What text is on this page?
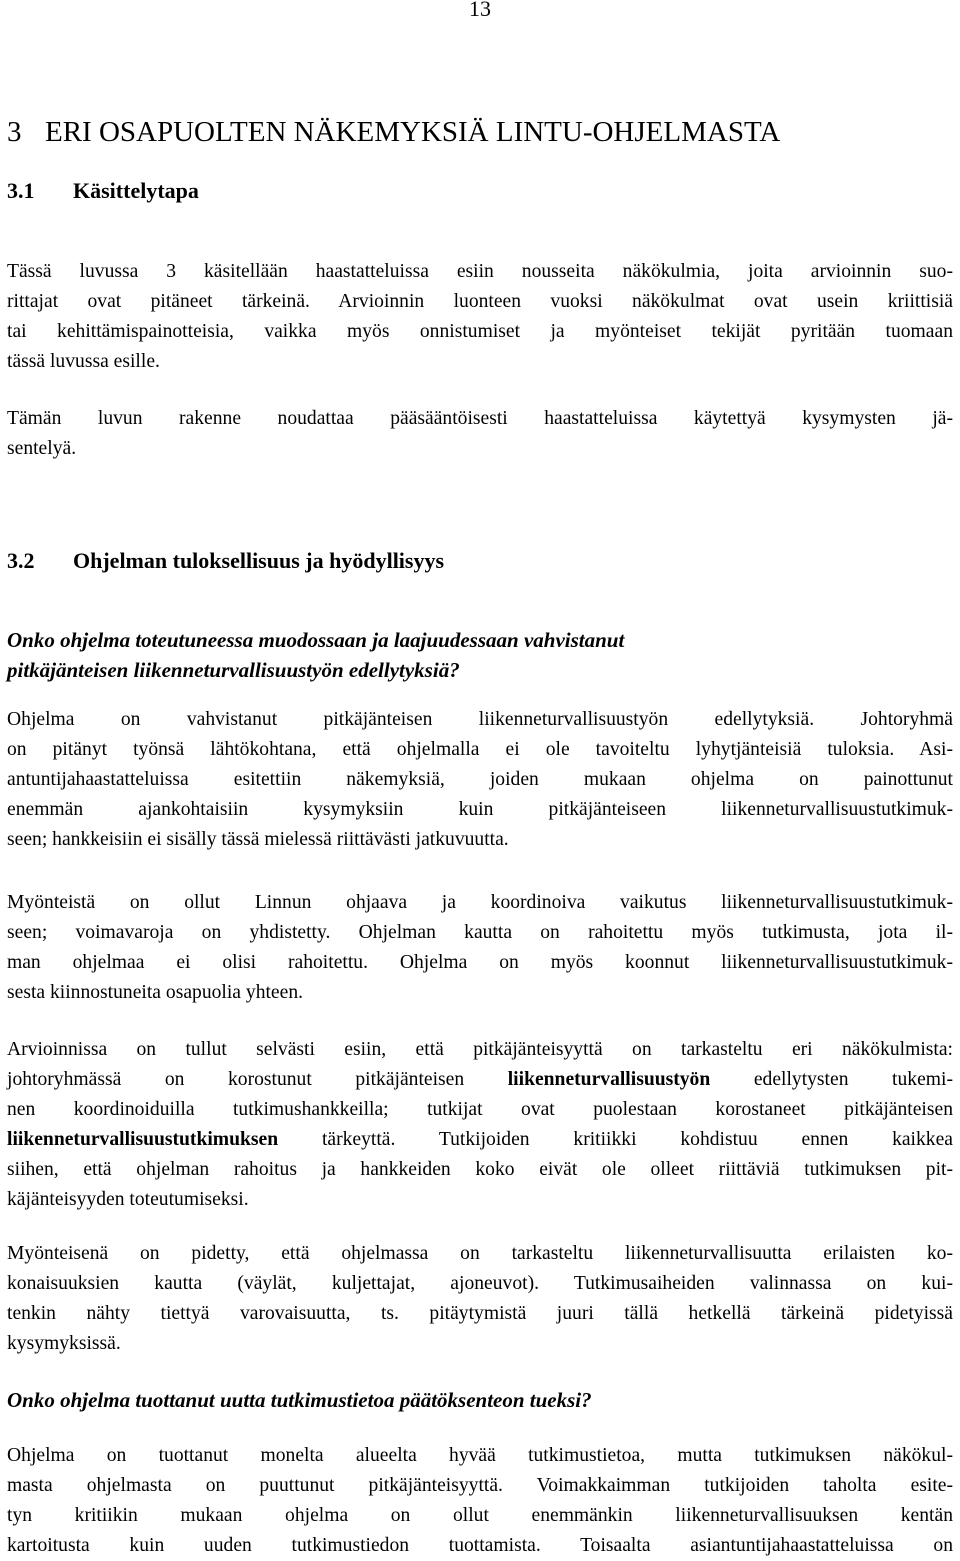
13
3 ERI OSAPUOLTEN NÄKEMYKSIÄ LINTU-OHJELMASTA
3.1 Käsittelytapa
Tässä luvussa 3 käsitellään haastatteluissa esiin nousseita näkökulmia, joita arvioinnin suo-
rittajat ovat pitäneet tärkeinä. Arvioinnin luonteen vuoksi näkökulmat ovat usein kriittisiä
tai kehittämispainotteisia, vaikka myös onnistumiset ja myönteiset tekijät pyritään tuomaan
tässä luvussa esille.
Tämän luvun rakenne noudattaa pääsääntöisesti haastatteluissa käytettyä kysymysten jä-
sentelyä.
3.2 Ohjelman tuloksellisuus ja hyödyllisyys
Onko ohjelma toteutuneessa muodossaan ja laajuudessaan vahvistanut
pitkäjänteisen liikenneturvallisuustyön edellytyksiä?
Ohjelma on vahvistanut pitkäjänteisen liikenneturvallisuustyön edellytyksiä. Johtoryhmä
on pitänyt työnsä lähtökohtana, että ohjelmalla ei ole tavoiteltu lyhytjänteisiä tuloksia. Asi-
antuntijahaastatteluissa esitettiin näkemyksiä, joiden mukaan ohjelma on painottunut
enemmän ajankohtaisiin kysymyksiin kuin pitkäjänteiseen liikenneturvallisuustutkimuk-
seen; hankkeisiin ei sisälly tässä mielessä riittävästi jatkuvuutta.
Myönteistä on ollut Linnun ohjaava ja koordinoiva vaikutus liikenneturvallisuustutkimuk-
seen; voimavaroja on yhdistetty. Ohjelman kautta on rahoitettu myös tutkimusta, jota il-
man ohjelmaa ei olisi rahoitettu. Ohjelma on myös koonnut liikenneturvallisuustutkimuk-
sesta kiinnostuneita osapuolia yhteen.
Arvioinnissa on tullut selvästi esiin, että pitkäjänteisyyttä on tarkasteltu eri näkökulmista:
johtoryhmässä on korostunut pitkäjänteisen liikenneturvallisuustyön edellytysten tukemi-
nen koordinoiduilla tutkimushankkeilla; tutkijat ovat puolestaan korostaneet pitkäjänteisen
liikenneturvallisuustutkimuksen tärkeyttä. Tutkijoiden kritiikki kohdistuu ennen kaikkea
siihen, että ohjelman rahoitus ja hankkeiden koko eivät ole olleet riittäviä tutkimuksen pit-
käjänteisyyden toteutumiseksi.
Myönteisenä on pidetty, että ohjelmassa on tarkasteltu liikenneturvallisuutta erilaisten ko-
konaisuuksien kautta (väylät, kuljettajat, ajoneuvot). Tutkimusaiheiden valinnassa on kui-
tenkin nähty tiettyä varovaisuutta, ts. pitäytymistä juuri tällä hetkellä tärkeinä pidetyissä
kysymyksissä.
Onko ohjelma tuottanut uutta tutkimustietoa päätöksenteon tueksi?
Ohjelma on tuottanut monelta alueelta hyvää tutkimustietoa, mutta tutkimuksen näkökul-
masta ohjelmasta on puuttunut pitkäjänteisyyttä. Voimakkaimman tutkijoiden taholta esite-
tyn kritiikin mukaan ohjelma on ollut enemmänkin liikenneturvallisuuksen kentän
kartoitusta kuin uuden tutkimustiedon tuottamista. Toisaalta asiantuntijahaastatteluissa on
